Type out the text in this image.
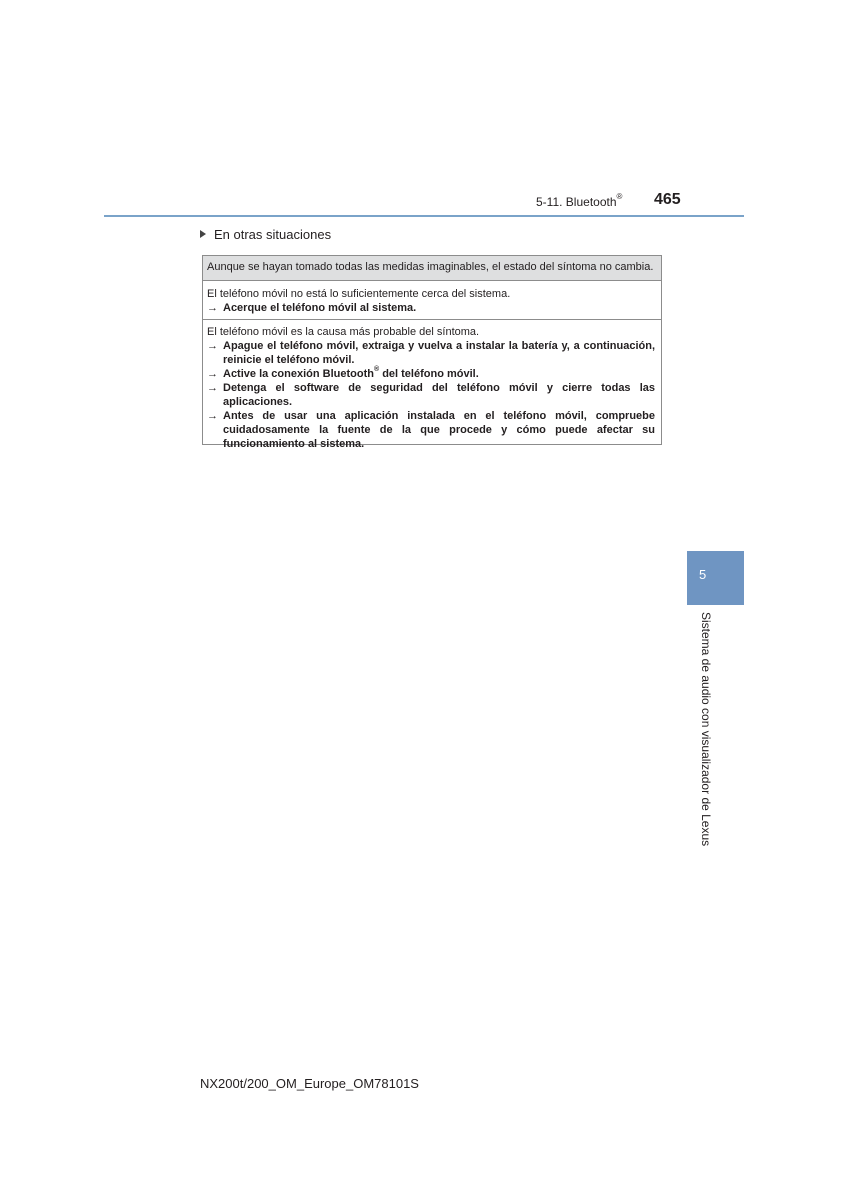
5-11. Bluetooth® 465
En otras situaciones
Aunque se hayan tomado todas las medidas imaginables, el estado del síntoma no cambia.
El teléfono móvil no está lo suficientemente cerca del sistema.
→ Acerque el teléfono móvil al sistema.
El teléfono móvil es la causa más probable del síntoma.
→ Apague el teléfono móvil, extraiga y vuelva a instalar la batería y, a continuación, reinicie el teléfono móvil.
→ Active la conexión Bluetooth® del teléfono móvil.
→ Detenga el software de seguridad del teléfono móvil y cierre todas las aplicaciones.
→ Antes de usar una aplicación instalada en el teléfono móvil, compruebe cuidadosamente la fuente de la que procede y cómo puede afectar su funcionamiento al sistema.
5
Sistema de audio con visualizador de Lexus
NX200t/200_OM_Europe_OM78101S
